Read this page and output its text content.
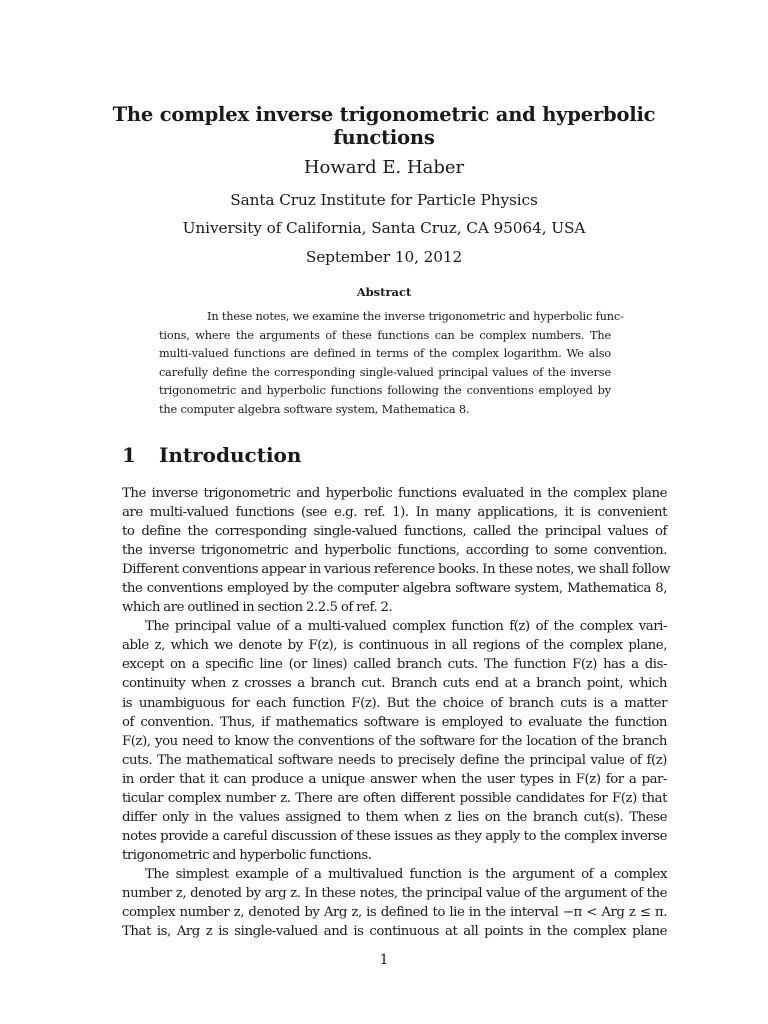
The complex inverse trigonometric and hyperbolic functions
Howard E. Haber
Santa Cruz Institute for Particle Physics
University of California, Santa Cruz, CA 95064, USA
September 10, 2012
Abstract
In these notes, we examine the inverse trigonometric and hyperbolic func-
tions, where the arguments of these functions can be complex numbers. The
multi-valued functions are defined in terms of the complex logarithm. We also
carefully define the corresponding single-valued principal values of the inverse
trigonometric and hyperbolic functions following the conventions employed by
the computer algebra software system, Mathematica 8.
1 Introduction
The inverse trigonometric and hyperbolic functions evaluated in the complex plane
are multi-valued functions (see e.g. ref. 1). In many applications, it is convenient
to define the corresponding single-valued functions, called the principal values of
the inverse trigonometric and hyperbolic functions, according to some convention.
Different conventions appear in various reference books. In these notes, we shall follow
the conventions employed by the computer algebra software system, Mathematica 8,
which are outlined in section 2.2.5 of ref. 2.
The principal value of a multi-valued complex function f(z) of the complex vari-
able z, which we denote by F(z), is continuous in all regions of the complex plane,
except on a specific line (or lines) called branch cuts. The function F(z) has a dis-
continuity when z crosses a branch cut. Branch cuts end at a branch point, which
is unambiguous for each function F(z). But the choice of branch cuts is a matter
of convention. Thus, if mathematics software is employed to evaluate the function
F(z), you need to know the conventions of the software for the location of the branch
cuts. The mathematical software needs to precisely define the principal value of f(z)
in order that it can produce a unique answer when the user types in F(z) for a par-
ticular complex number z. There are often different possible candidates for F(z) that
differ only in the values assigned to them when z lies on the branch cut(s). These
notes provide a careful discussion of these issues as they apply to the complex inverse
trigonometric and hyperbolic functions.
The simplest example of a multivalued function is the argument of a complex
number z, denoted by arg z. In these notes, the principal value of the argument of the
complex number z, denoted by Arg z, is defined to lie in the interval −π < Arg z ≤ π.
That is, Arg z is single-valued and is continuous at all points in the complex plane
1
